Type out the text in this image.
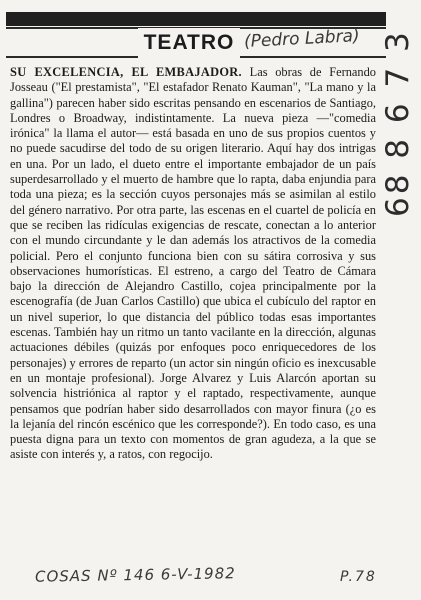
TEATRO (Pedro Labra) 68 8 6 7 3
SU EXCELENCIA, EL EMBAJADOR. Las obras de Fernando Josseau ("El prestamista", "El estafador Renato Kauman", "La mano y la gallina") parecen haber sido escritas pensando en escenarios de Santiago, Londres o Broadway, indistintamente. La nueva pieza —"comedia irónica" la llama el autor— está basada en uno de sus propios cuentos y no puede sacudirse del todo de su origen literario. Aquí hay dos intrigas en una. Por un lado, el dueto entre el importante embajador de un país superdesarrollado y el muerto de hambre que lo rapta, daba enjundia para toda una pieza; es la sección cuyos personajes más se asimilan al estilo del género narrativo. Por otra parte, las escenas en el cuartel de policía en que se reciben las ridículas exigencias de rescate, conectan a lo anterior con el mundo circundante y le dan además los atractivos de la comedia policial. Pero el conjunto funciona bien con su sátira corrosiva y sus observaciones humorísticas. El estreno, a cargo del Teatro de Cámara bajo la dirección de Alejandro Castillo, cojea principalmente por la escenografía (de Juan Carlos Castillo) que ubica el cubículo del raptor en un nivel superior, lo que distancia del público todas esas importantes escenas. También hay un ritmo un tanto vacilante en la dirección, algunas actuaciones débiles (quizás por enfoques poco enriquecedores de los personajes) y errores de reparto (un actor sin ningún oficio es inexcusable en un montaje profesional). Jorge Alvarez y Luis Alarcón aportan su solvencia histriónica al raptor y el raptado, respectivamente, aunque pensamos que podrían haber sido desarrollados con mayor finura (¿o es la lejanía del rincón escénico que les corresponde?). En todo caso, es una puesta digna para un texto con momentos de gran agudeza, a la que se asiste con interés y, a ratos, con regocijo.
COSAS Nº 146 6-V-1982	P.78
